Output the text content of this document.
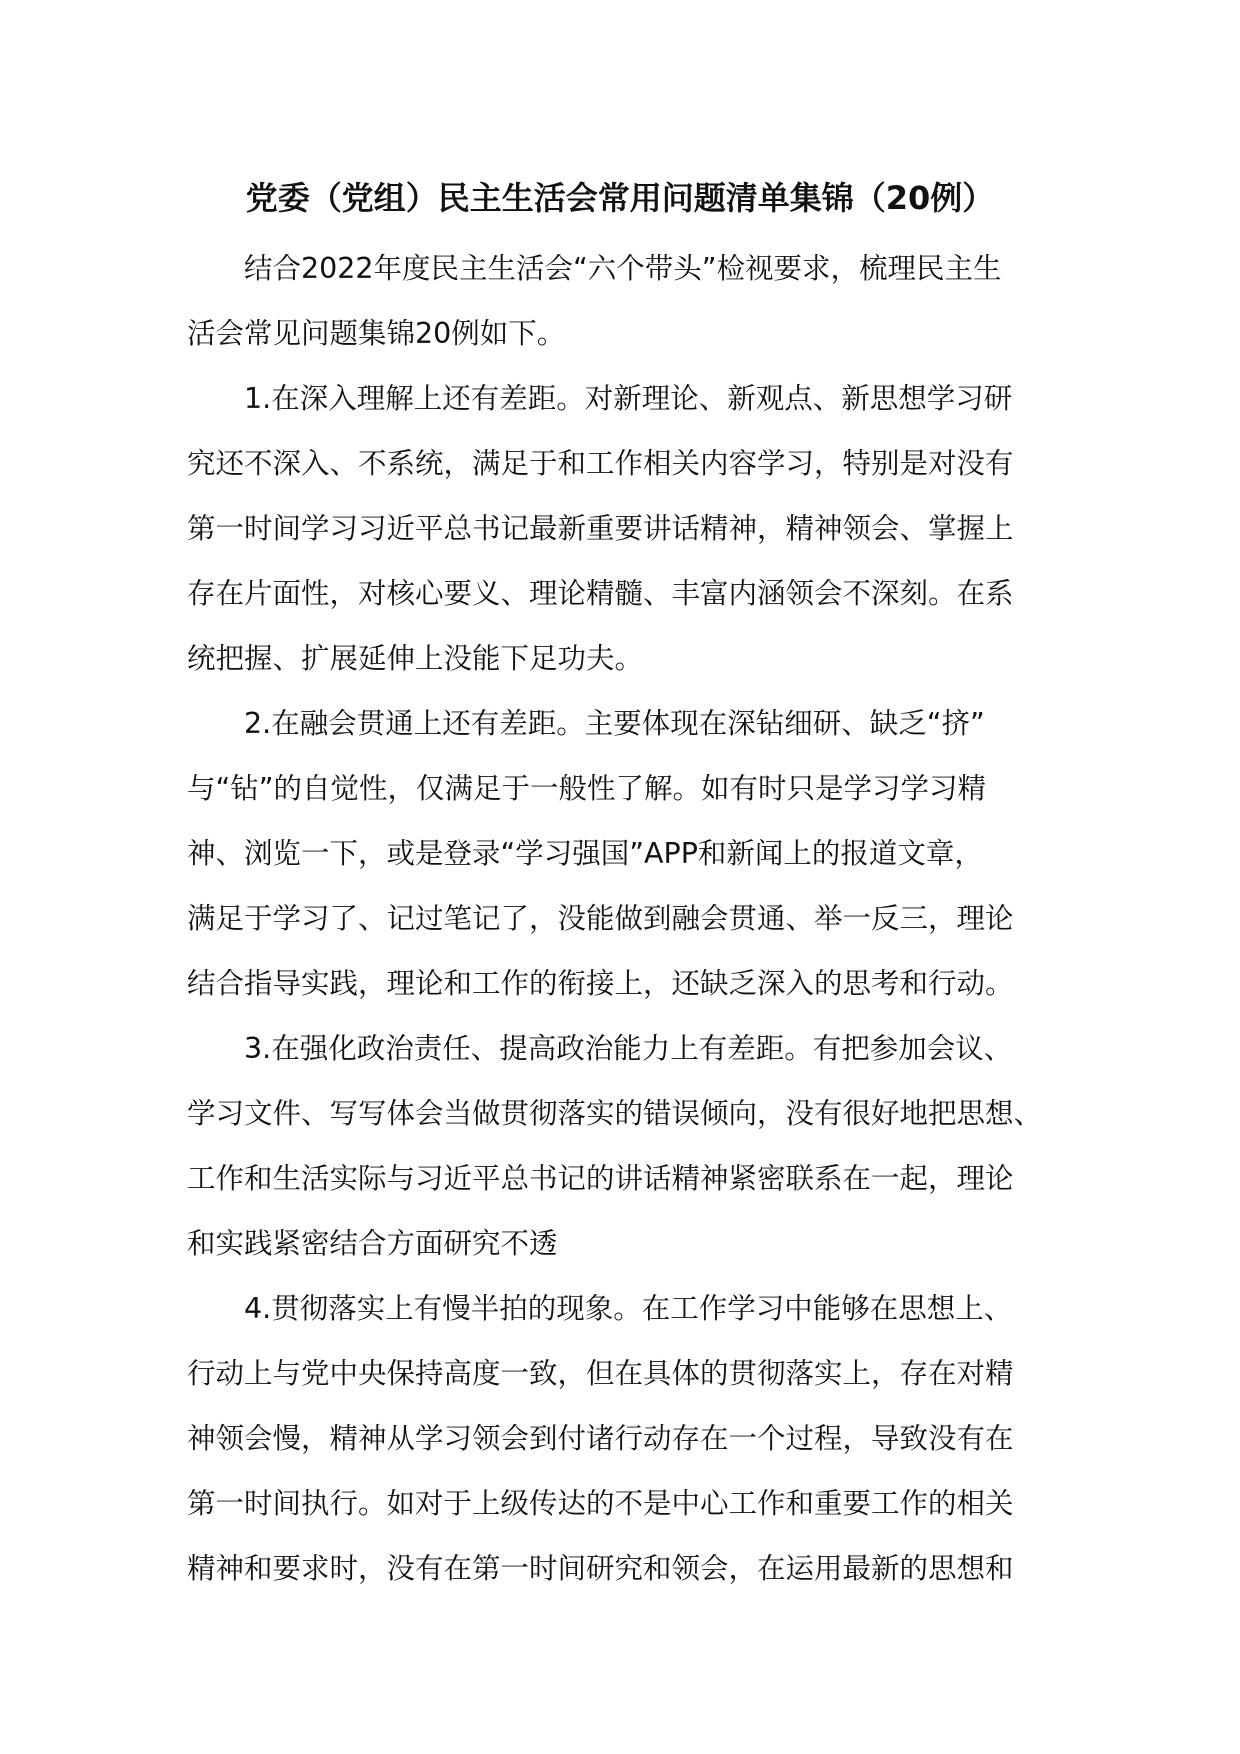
党委（党组）民主生活会常用问题清单集锦（20例）
结合2022年度民主生活会“六个带头”检视要求，梳理民主生
活会常见问题集锦20例如下。
1.在深入理解上还有差距。对新理论、新观点、新思想学习研
究还不深入、不系统，满足于和工作相关内容学习，特别是对没有
第一时间学习习近平总书记最新重要讲话精神，精神领会、掌握上
存在片面性，对核心要义、理论精髓、丰富内涵领会不深刻。在系
统把握、扩展延伸上没能下足功夫。
2.在融会贯通上还有差距。主要体现在深钻细研、缺乏“挤”
与“钻”的自觉性，仅满足于一般性了解。如有时只是学习学习精
神、浏览一下，或是登录“学习强国”APP和新闻上的报道文章，
满足于学习了、记过笔记了，没能做到融会贯通、举一反三，理论
结合指导实践，理论和工作的衔接上，还缺乏深入的思考和行动。
3.在强化政治责任、提高政治能力上有差距。有把参加会议、
学习文件、写写体会当做贯彻落实的错误倾向，没有很好地把思想、
工作和生活实际与习近平总书记的讲话精神紧密联系在一起，理论
和实践紧密结合方面研究不透
4.贯彻落实上有慢半拍的现象。在工作学习中能够在思想上、
行动上与党中央保持高度一致，但在具体的贯彻落实上，存在对精
神领会慢，精神从学习领会到付诸行动存在一个过程，导致没有在
第一时间执行。如对于上级传达的不是中心工作和重要工作的相关
精神和要求时，没有在第一时间研究和领会，在运用最新的思想和
